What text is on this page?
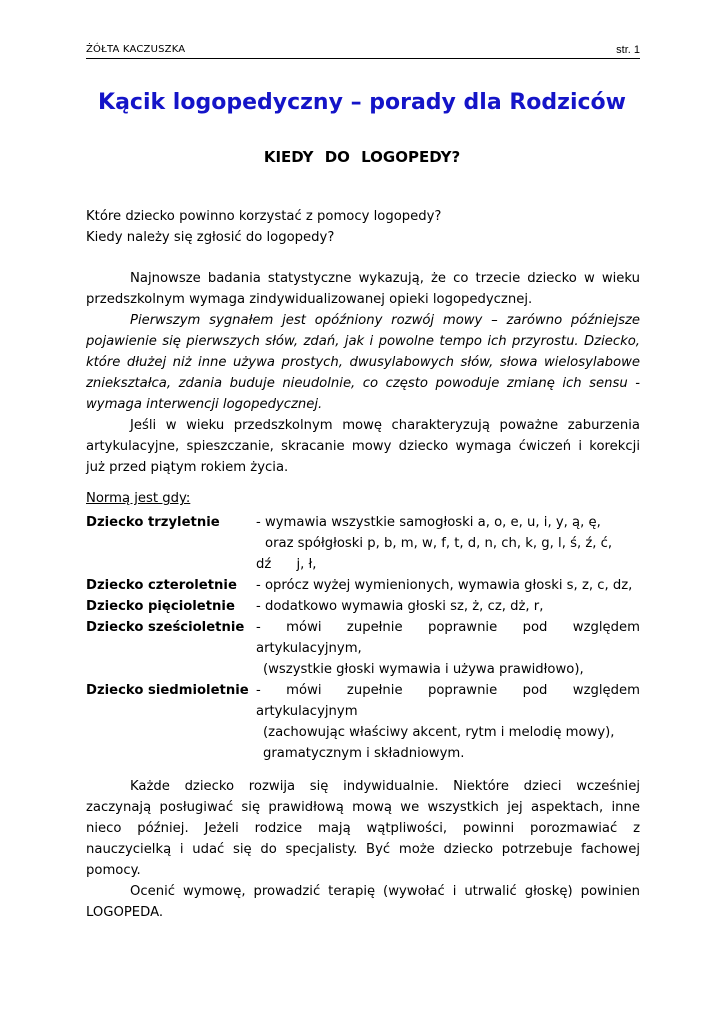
ŻÓŁTA KACZUSZKA	str. 1
Kącik logopedyczny – porady dla Rodziców
KIEDY DO LOGOPEDY?
Które dziecko powinno korzystać z pomocy logopedy?
Kiedy należy się zgłosić do logopedy?
Najnowsze badania statystyczne wykazują, że co trzecie dziecko w wieku
przedszkolnym wymaga zindywidualizowanej opieki logopedycznej.
Pierwszym sygnałem jest opóźniony rozwój mowy – zarówno późniejsze
pojawienie się pierwszych słów, zdań, jak i powolne tempo ich przyrostu. Dziecko,
które dłużej niż inne używa prostych, dwusylabowych słów, słowa wielosylabowe
zniekształca, zdania buduje nieudolnie, co często powoduje zmianę ich sensu -
wymaga interwencji logopedycznej.
Jeśli w wieku przedszkolnym mowę charakteryzują poważne zaburzenia
artykulacyjne, spieszczanie, skracanie mowy dziecko wymaga ćwiczeń i korekcji
już przed piątym rokiem życia.
Normą jest gdy:
Dziecko trzyletnie	- wymawia wszystkie samogłoski a, o, e, u, i, y, ą, ę,
oraz spółgłoski p, b, m, w, f, t, d, n, ch, k, g, l, ś, ź, ć,
dź      j, ł,
Dziecko czteroletnie - oprócz wyżej wymienionych, wymawia głoski s, z, c, dz,
Dziecko pięcioletnie - dodatkowo wymawia głoski sz, ż, cz, dż, r,
Dziecko sześcioletnie - mówi zupełnie poprawnie pod względem
artykulacyjnym,
(wszystkie głoski wymawia i używa prawidłowo),
Dziecko siedmioletnie - mówi zupełnie poprawnie pod względem
artykulacyjnym
(zachowując właściwy akcent, rytm i melodię mowy),
gramatycznym i składniowym.
Każde dziecko rozwija się indywidualnie. Niektóre dzieci wcześniej
zaczynają posługiwać się prawidłową mową we wszystkich jej aspektach, inne
nieco później. Jeżeli rodzice mają wątpliwości, powinni porozmawiać z
nauczycielką i udać się do specjalisty. Być może dziecko potrzebuje fachowej
pomocy.
Ocenić wymowę, prowadzić terapię (wywołać i utrwalić głoskę) powinien
LOGOPEDA.
